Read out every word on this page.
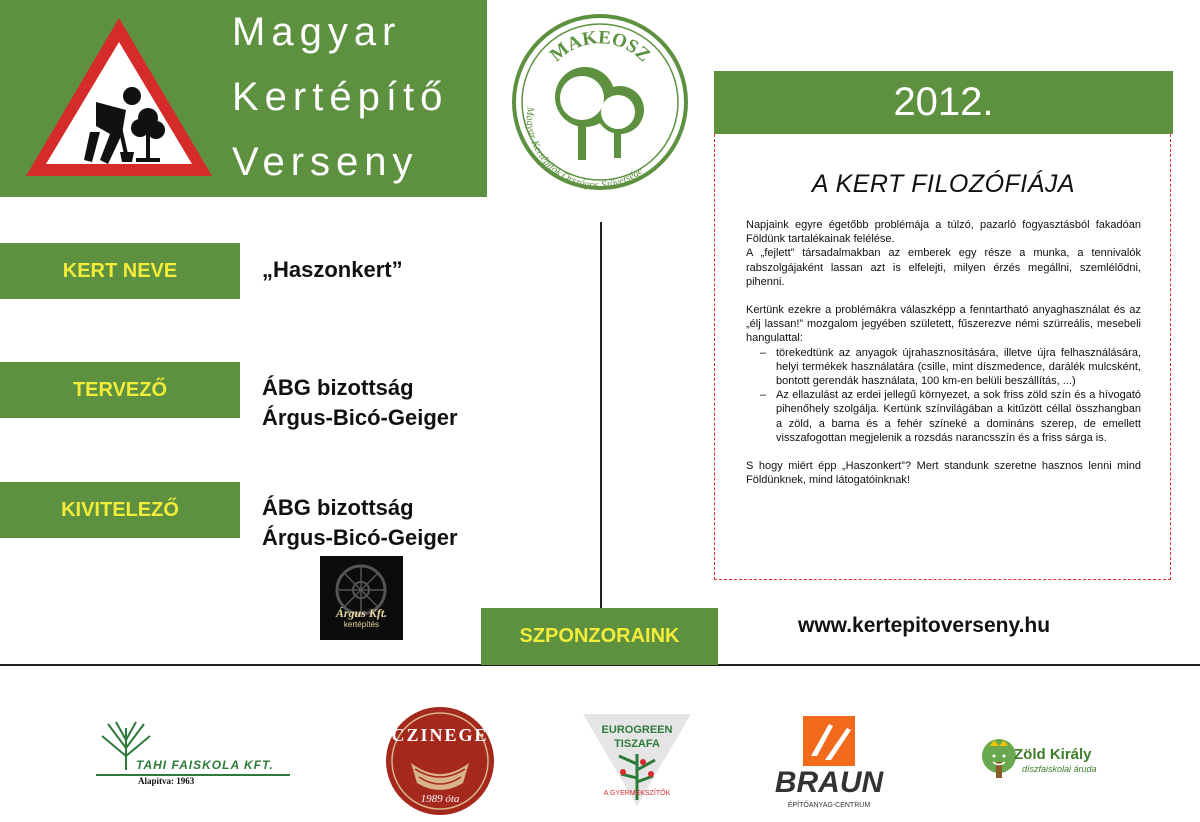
Magyar
Kertépítő
Verseny
MAKEOSZ
Magyar Kertépítők Országos Szövetsége
KERT NEVE	„Haszonkert”
TERVEZŐ	ÁBG bizottság
Árgus-Bicó-Geiger
KIVITELEZŐ	ÁBG bizottság
Árgus-Bicó-Geiger
Árgus Kft.
kertépítés
2012.
A KERT FILOZÓFIÁJA

Napjaink egyre égetőbb problémája a túlzó, pazarló fogyasztásból fakadóan Földünk tartalékainak felélése.

A „fejlett” társadalmakban az emberek egy része a munka, a tennivalók rabszolgájaként lassan azt is elfelejti, milyen érzés megállni, szemlélődni, pihenni.

Kertünk ezekre a problémákra válaszképp a fenntartható anyaghasználat és az „élj lassan!” mozgalom jegyében született, fűszerezve némi szürreális, mesebeli hangulattal:

– törekedtünk az anyagok újrahasznosítására, illetve újra felhasználására, helyi termékek használatára (csille, mint díszmedence, darálék mulcsként, bontott gerendák használata, 100 km-en belüli beszállítás, ...)
– Az ellazulást az erdei jellegű környezet, a sok friss zöld szín és a hívogató pihenőhely szolgálja. Kertünk színvilágában a kitűzött céllal összhangban a zöld, a barna és a fehér színeké a domináns szerep, de emellett visszafogottan megjelenik a rozsdás narancsszín és a friss sárga is.

S hogy miért épp „Haszonkert”? Mert standunk szeretne hasznos lenni mind Földünknek, mind látogatóinknak!

SZPONZORAINK	www.kertepitoverseny.hu
TAHI FAISKOLA KFT.
Alapítva: 1963
CZINEGE
1989 óta
EUROGREEN
TISZAFA
A GYERMEKSZÍTŐK	BRAUN
ÉPÍTŐANYAG-CENTRUM
Zöld Király
díszfaiskolai áruda
